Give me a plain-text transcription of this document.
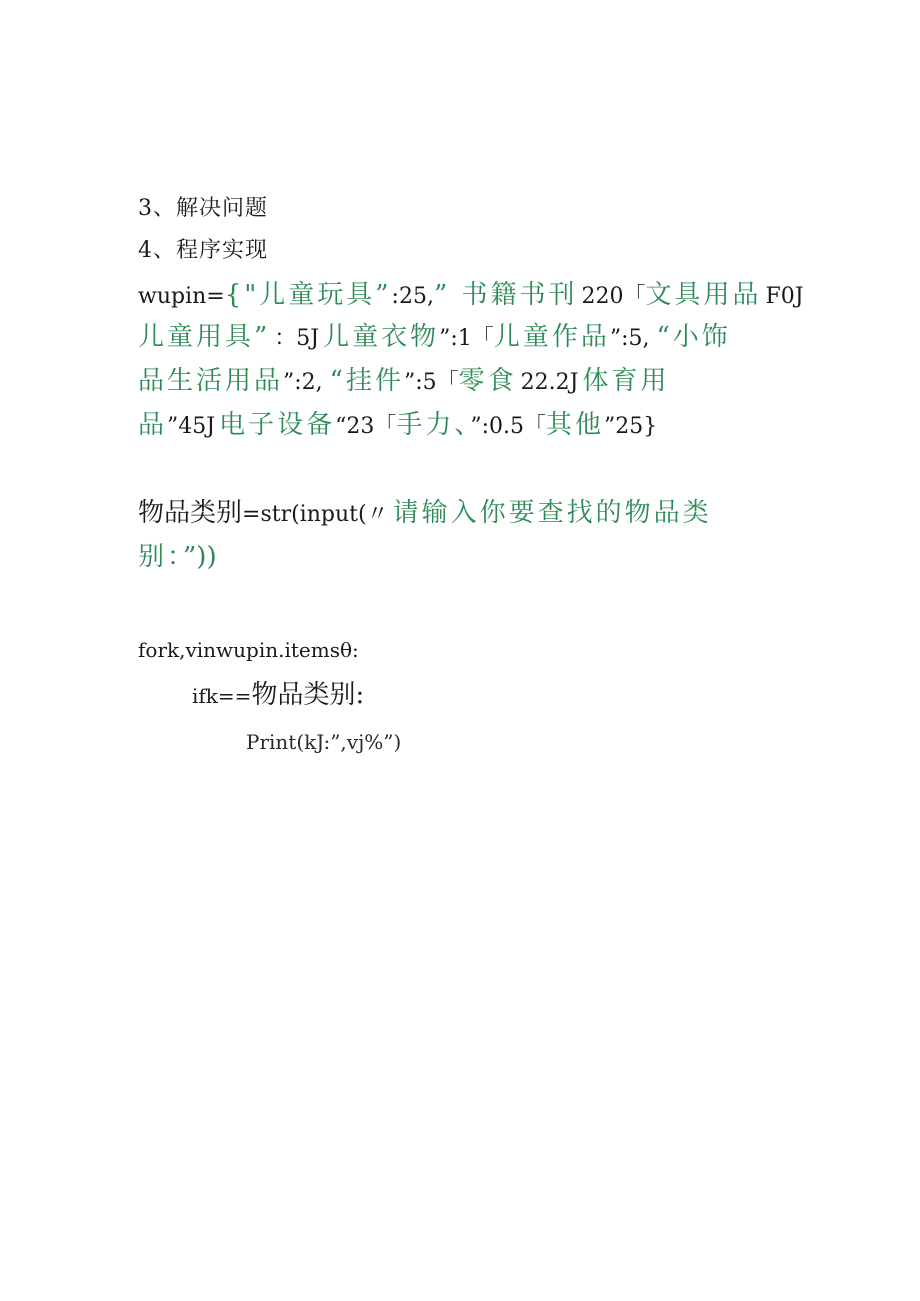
3、解决问题
4、程序实现
wupin={"儿童玩具”:25,” 书籍书刊 220「文具用品 F0J
儿童用具” ：5J 儿童衣物”:1「儿童作品”:5, “小饰
品生活用品”:2, “挂件”:5「零食 22.2J 体育用
品”45J 电子设备“23「手力、”:0.5「其他”25}
物品类别=str(input(〃 请输入你要查找的物品类
别：”))
fork,vinwupin.itemsθ:
ifk==物品类别:
Print(kJ:”,vj%”)
